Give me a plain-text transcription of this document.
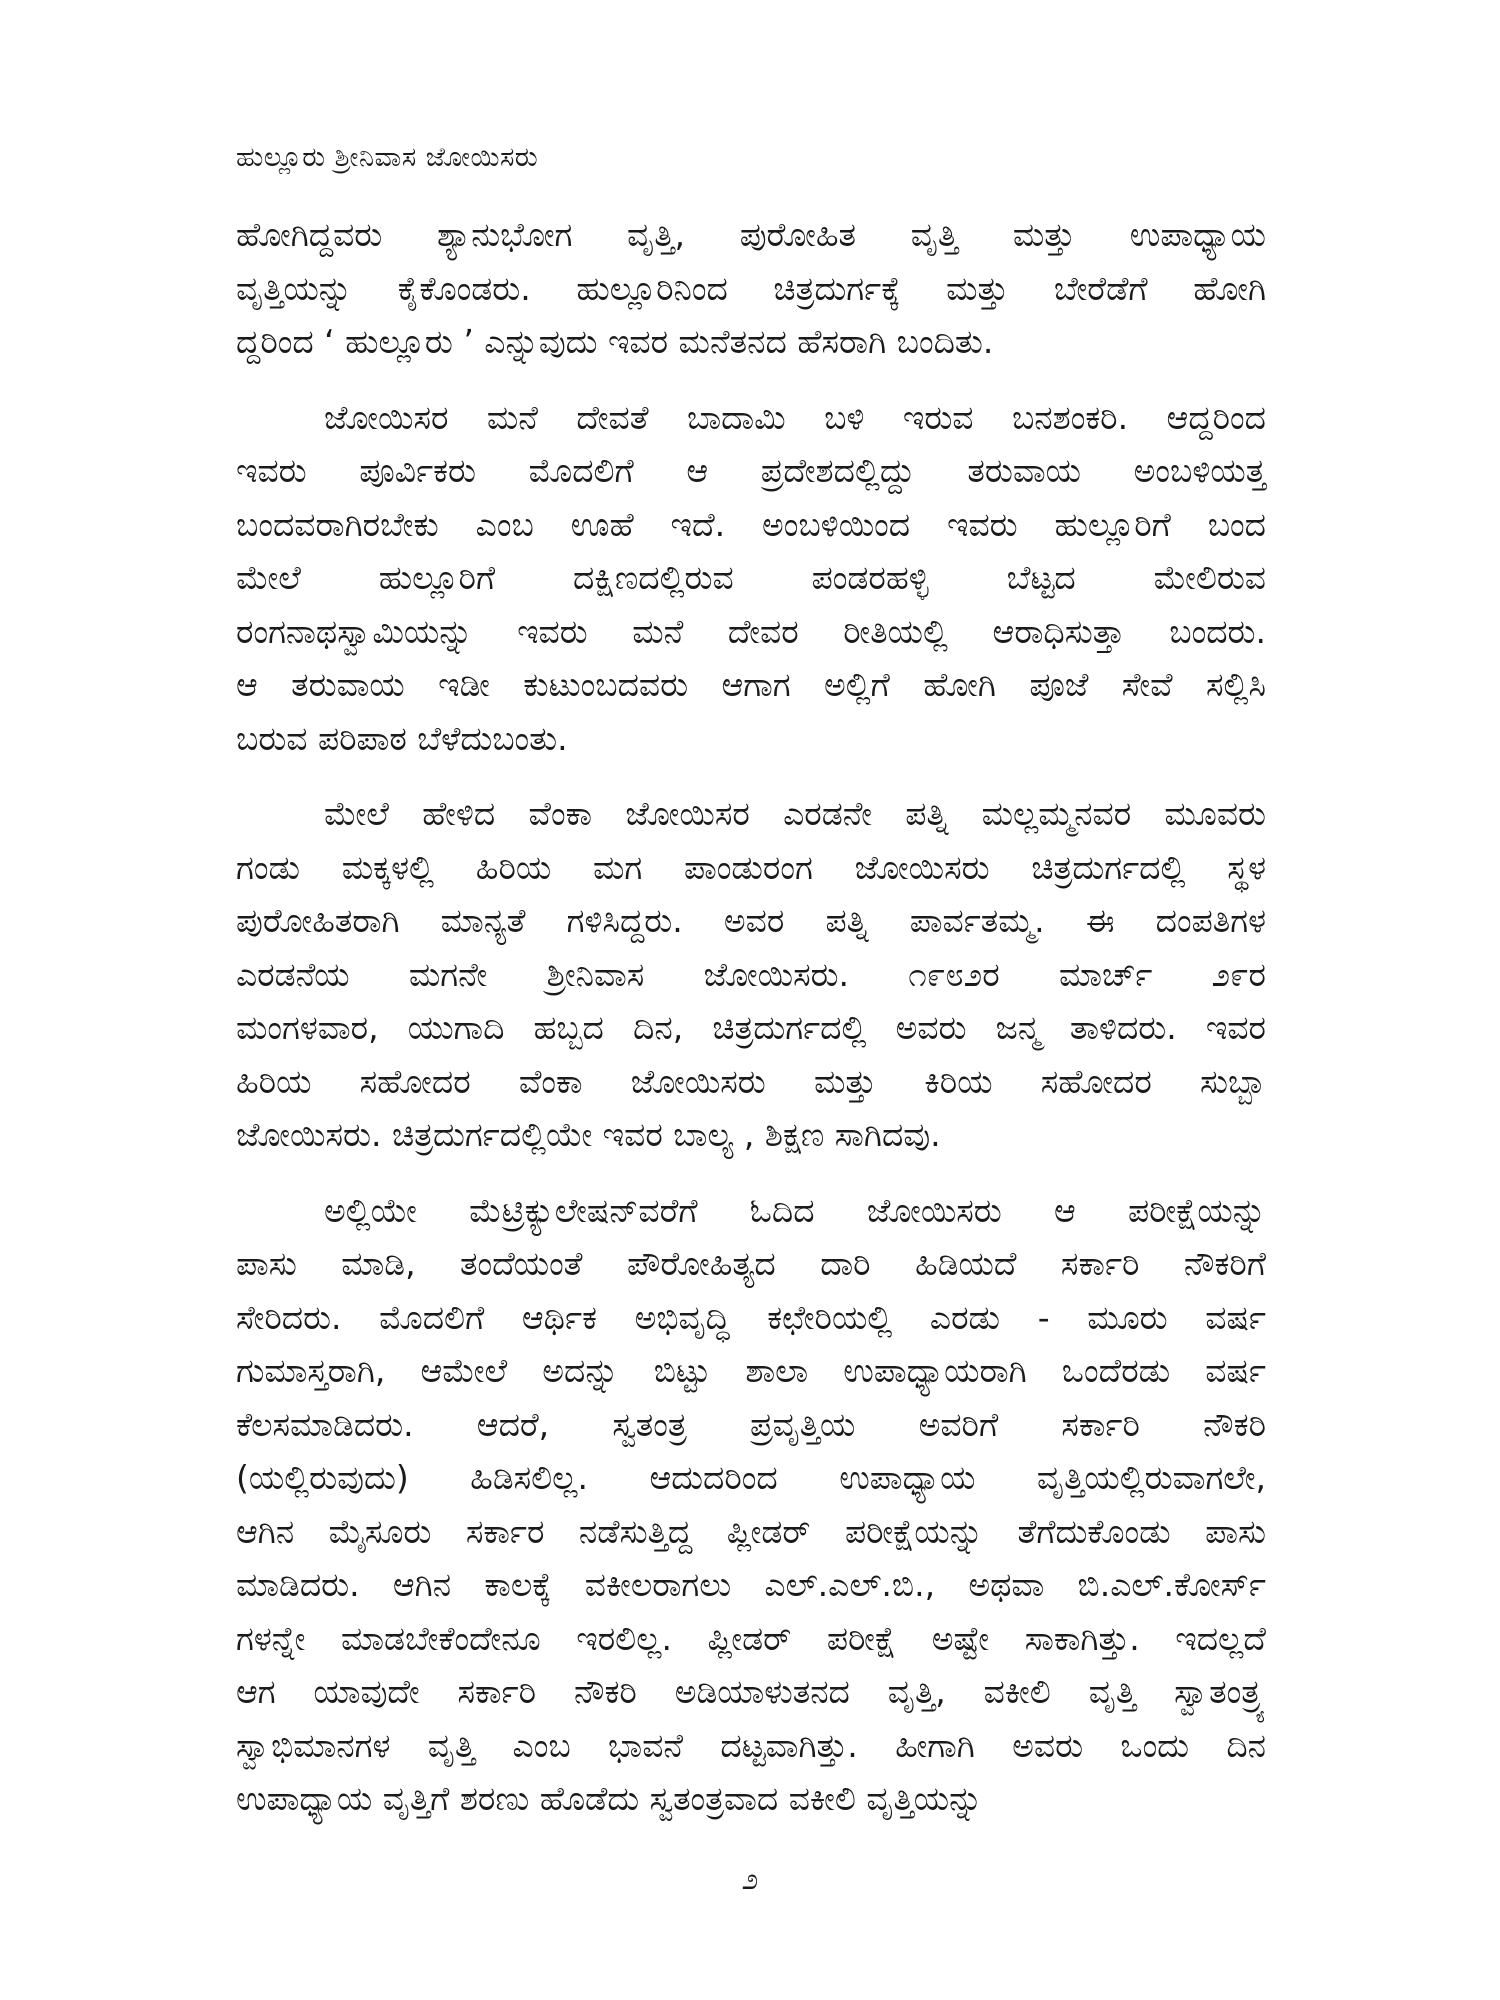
ಹುಲ್ಲೂರು ಶ್ರೀನಿವಾಸ ಜೋಯಿಸರು
ಹೋಗಿದ್ದವರು ಶ್ಯಾನುಭೋಗ ವೃತ್ತಿ, ಪುರೋಹಿತ ವೃತ್ತಿ ಮತ್ತು ಉಪಾಧ್ಯಾಯ
ವೃತ್ತಿಯನ್ನು ಕೈಕೊಂಡರು. ಹುಲ್ಲೂರಿನಿಂದ ಚಿತ್ರದುರ್ಗಕ್ಕೆ ಮತ್ತು ಬೇರೆಡೆಗೆ ಹೋಗಿ
ದ್ದರಿಂದ ‘ ಹುಲ್ಲೂರು ’ ಎನ್ನುವುದು ಇವರ ಮನೆತನದ ಹೆಸರಾಗಿ ಬಂದಿತು.
ಜೋಯಿಸರ ಮನೆ ದೇವತೆ ಬಾದಾಮಿ ಬಳಿ ಇರುವ ಬನಶಂಕರಿ. ಆದ್ದರಿಂದ
ಇವರು ಪೂರ್ವಿಕರು ಮೊದಲಿಗೆ ಆ ಪ್ರದೇಶದಲ್ಲಿದ್ದು ತರುವಾಯ ಅಂಬಳಿಯತ್ತ
ಬಂದವರಾಗಿರಬೇಕು ಎಂಬ ಊಹೆ ಇದೆ. ಅಂಬಳಿಯಿಂದ ಇವರು ಹುಲ್ಲೂರಿಗೆ ಬಂದ
ಮೇಲೆ ಹುಲ್ಲೂರಿಗೆ ದಕ್ಷಿಣದಲ್ಲಿರುವ ಪಂಡರಹಳ್ಳಿ ಬೆಟ್ಟದ ಮೇಲಿರುವ
ರಂಗನಾಥಸ್ವಾಮಿಯನ್ನು ಇವರು ಮನೆ ದೇವರ ರೀತಿಯಲ್ಲಿ ಆರಾಧಿಸುತ್ತಾ ಬಂದರು.
ಆ ತರುವಾಯ ಇಡೀ ಕುಟುಂಬದವರು ಆಗಾಗ ಅಲ್ಲಿಗೆ ಹೋಗಿ ಪೂಜೆ ಸೇವೆ ಸಲ್ಲಿಸಿ
ಬರುವ ಪರಿಪಾಠ ಬೆಳೆದುಬಂತು.
ಮೇಲೆ ಹೇಳಿದ ವೆಂಕಾ ಜೋಯಿಸರ ಎರಡನೇ ಪತ್ನಿ ಮಲ್ಲಮ್ಮನವರ ಮೂವರು
ಗಂಡು ಮಕ್ಕಳಲ್ಲಿ ಹಿರಿಯ ಮಗ ಪಾಂಡುರಂಗ ಜೋಯಿಸರು ಚಿತ್ರದುರ್ಗದಲ್ಲಿ ಸ್ಥಳ
ಪುರೋಹಿತರಾಗಿ ಮಾನ್ಯತೆ ಗಳಿಸಿದ್ದರು. ಅವರ ಪತ್ನಿ ಪಾರ್ವತಮ್ಮ. ಈ ದಂಪತಿಗಳ
ಎರಡನೆಯ ಮಗನೇ ಶ್ರೀನಿವಾಸ ಜೋಯಿಸರು. ೧೯೮೨ರ ಮಾರ್ಚ್ ೨೯ರ
ಮಂಗಳವಾರ, ಯುಗಾದಿ ಹಬ್ಬದ ದಿನ, ಚಿತ್ರದುರ್ಗದಲ್ಲಿ ಅವರು ಜನ್ಮ ತಾಳಿದರು. ಇವರ
ಹಿರಿಯ ಸಹೋದರ ವೆಂಕಾ ಜೋಯಿಸರು ಮತ್ತು ಕಿರಿಯ ಸಹೋದರ ಸುಬ್ಬಾ
ಜೋಯಿಸರು. ಚಿತ್ರದುರ್ಗದಲ್ಲಿಯೇ ಇವರ ಬಾಲ್ಯ , ಶಿಕ್ಷಣ ಸಾಗಿದವು.
ಅಲ್ಲಿಯೇ ಮೆಟ್ರಿಕ್ಯುಲೇಷನ್‌ವರೆಗೆ ಓದಿದ ಜೋಯಿಸರು ಆ ಪರೀಕ್ಷೆಯನ್ನು
ಪಾಸು ಮಾಡಿ, ತಂದೆಯಂತೆ ಪೌರೋಹಿತ್ಯದ ದಾರಿ ಹಿಡಿಯದೆ ಸರ್ಕಾರಿ ನೌಕರಿಗೆ
ಸೇರಿದರು. ಮೊದಲಿಗೆ ಆರ್ಥಿಕ ಅಭಿವೃದ್ಧಿ ಕಛೇರಿಯಲ್ಲಿ ಎರಡು - ಮೂರು ವರ್ಷ
ಗುಮಾಸ್ತರಾಗಿ, ಆಮೇಲೆ ಅದನ್ನು ಬಿಟ್ಟು ಶಾಲಾ ಉಪಾಧ್ಯಾಯರಾಗಿ ಒಂದೆರಡು ವರ್ಷ
ಕೆಲಸಮಾಡಿದರು. ಆದರೆ, ಸ್ವತಂತ್ರ ಪ್ರವೃತ್ತಿಯ ಅವರಿಗೆ ಸರ್ಕಾರಿ ನೌಕರಿ
(ಯಲ್ಲಿರುವುದು) ಹಿಡಿಸಲಿಲ್ಲ. ಆದುದರಿಂದ ಉಪಾಧ್ಯಾಯ ವೃತ್ತಿಯಲ್ಲಿರುವಾಗಲೇ,
ಆಗಿನ ಮೈಸೂರು ಸರ್ಕಾರ ನಡೆಸುತ್ತಿದ್ದ ಪ್ಲೀಡರ್ ಪರೀಕ್ಷೆಯನ್ನು ತೆಗೆದುಕೊಂಡು ಪಾಸು
ಮಾಡಿದರು. ಆಗಿನ ಕಾಲಕ್ಕೆ ವಕೀಲರಾಗಲು ಎಲ್.ಎಲ್.ಬಿ., ಅಥವಾ ಬಿ.ಎಲ್.ಕೋರ್ಸ್
ಗಳನ್ನೇ ಮಾಡಬೇಕೆಂದೇನೂ ಇರಲಿಲ್ಲ. ಪ್ಲೀಡರ್ ಪರೀಕ್ಷೆ ಅಷ್ಟೇ ಸಾಕಾಗಿತ್ತು. ಇದಲ್ಲದೆ
ಆಗ ಯಾವುದೇ ಸರ್ಕಾರಿ ನೌಕರಿ ಅಡಿಯಾಳುತನದ ವೃತ್ತಿ, ವಕೀಲಿ ವೃತ್ತಿ ಸ್ವಾತಂತ್ರ್ಯ
ಸ್ವಾಭಿಮಾನಗಳ ವೃತ್ತಿ ಎಂಬ ಭಾವನೆ ದಟ್ಟವಾಗಿತ್ತು. ಹೀಗಾಗಿ ಅವರು ಒಂದು ದಿನ
ಉಪಾಧ್ಯಾಯ ವೃತ್ತಿಗೆ ಶರಣು ಹೊಡೆದು ಸ್ವತಂತ್ರವಾದ ವಕೀಲಿ ವೃತ್ತಿಯನ್ನು
೨
